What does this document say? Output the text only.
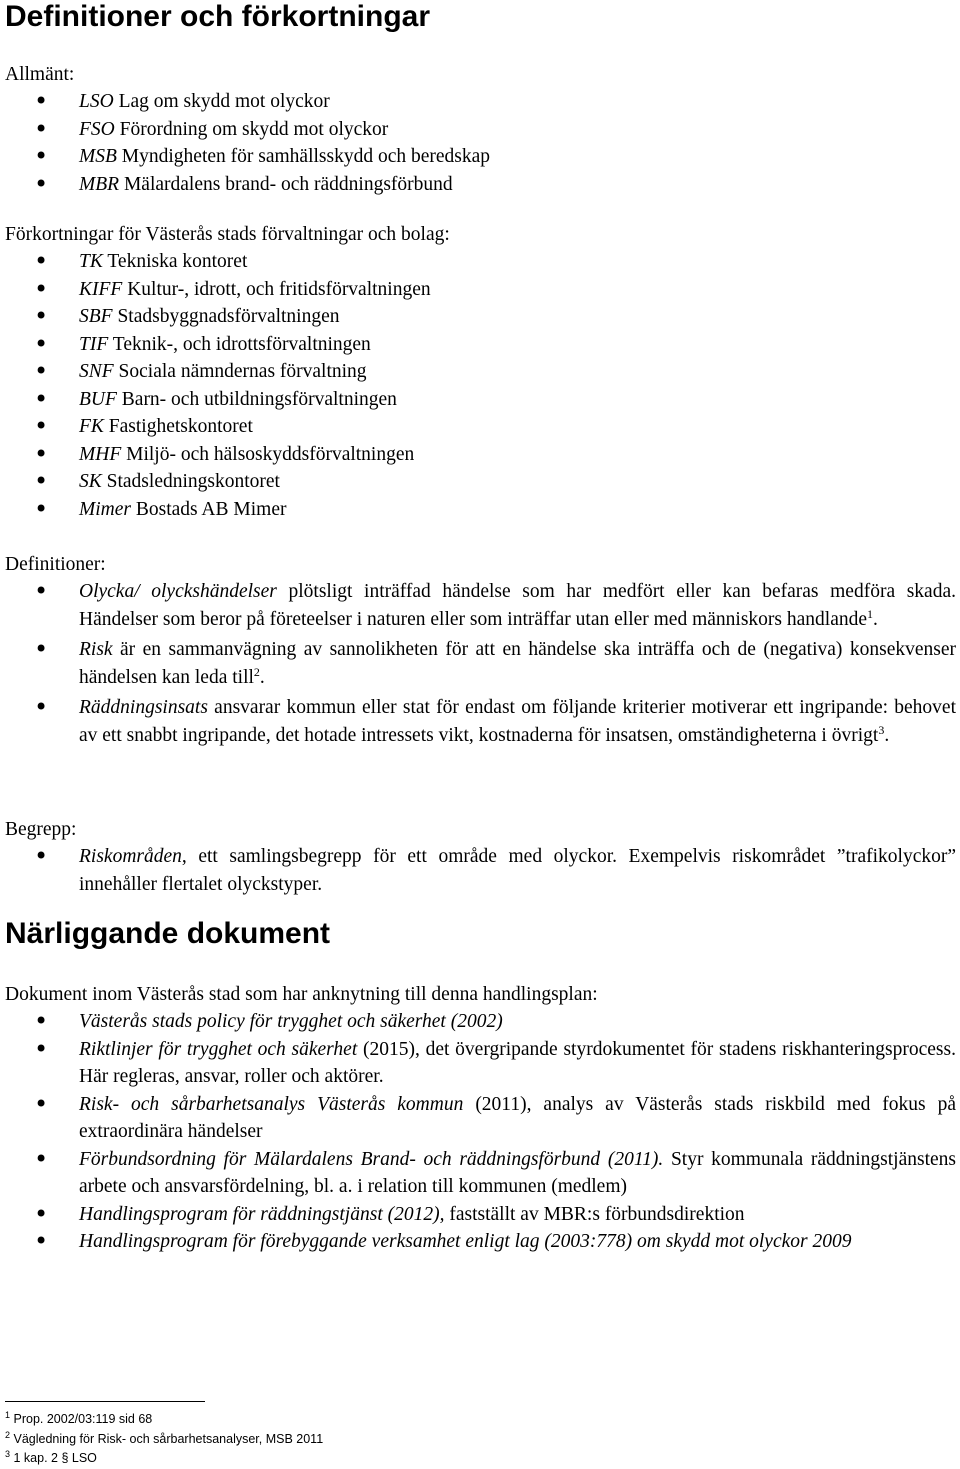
Definitioner och förkortningar

Allmänt:

• LSO Lag om skydd mot olyckor
• FSO Förordning om skydd mot olyckor
• MSB Myndigheten för samhällsskydd och beredskap
• MBR Mälardalens brand- och räddningsförbund

Förkortningar för Västerås stads förvaltningar och bolag:

• TK Tekniska kontoret
• KIFF Kultur-, idrott, och fritidsförvaltningen
• SBF Stadsbyggnadsförvaltningen
• TIF Teknik-, och idrottsförvaltningen
• SNF Sociala nämndernas förvaltning
• BUF Barn- och utbildningsförvaltningen
• FK Fastighetskontoret
• MHF Miljö- och hälsoskyddsförvaltningen
• SK Stadsledningskontoret
• Mimer Bostads AB Mimer

Definitioner:

• Olycka/ olyckshändelser plötsligt inträffad händelse som har medfört eller kan befaras medföra skada. Händelser som beror på företeelser i naturen eller som inträffar utan eller med människors handlande$^1$.
• Risk är en sammanvägning av sannolikheten för att en händelse ska inträffa och de (negativa) konsekvenser händelsen kan leda till$^2$.
• Räddningsinsats ansvarar kommun eller stat för endast om följande kriterier motiverar ett ingripande: behovet av ett snabbt ingripande, det hotade intressets vikt, kostnaderna för insatsen, omständigheterna i övrigt$^3$.

Begrepp:

• Riskområden, ett samlingsbegrepp för ett område med olyckor. Exempelvis riskområdet ”trafikolyckor” innehåller flertalet olyckstyper.
Närliggande dokument

Dokument inom Västerås stad som har anknytning till denna handlingsplan:

• Västerås stads policy för trygghet och säkerhet (2002)
• Riktlinjer för trygghet och säkerhet (2015), det övergripande styrdokumentet för stadens riskhanteringsprocess. Här regleras, ansvar, roller och aktörer.
• Risk- och sårbarhetsanalys Västerås kommun (2011), analys av Västerås stads riskbild med fokus på extraordinära händelser
• Förbundsordning för Mälardalens Brand- och räddningsförbund (2011). Styr kommunala räddningstjänstens arbete och ansvarsfördelning, bl. a. i relation till kommunen (medlem)
• Handlingsprogram för räddningstjänst (2012), fastställt av MBR:s förbundsdirektion
• Handlingsprogram för förebyggande verksamhet enligt lag (2003:778) om skydd mot olyckor 2009
$^1$ Prop. 2002/03:119 sid 68
$^2$ Vägledning för Risk- och sårbarhetsanalyser, MSB 2011
$^3$ 1 kap. 2 § LSO
